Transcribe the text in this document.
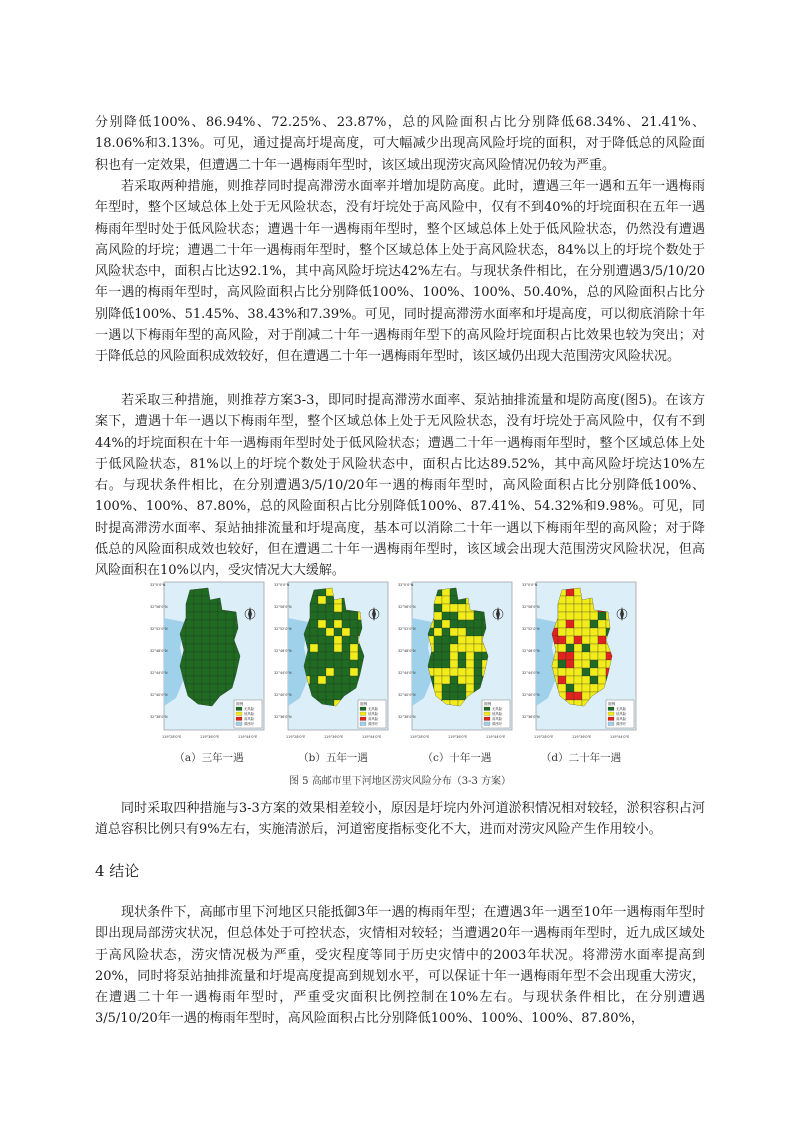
分别降低100%、86.94%、72.25%、23.87%，总的风险面积占比分别降低68.34%、21.41%、18.06%和3.13%。可见，通过提高圩堤高度，可大幅减少出现高风险圩垸的面积，对于降低总的风险面积也有一定效果，但遭遇二十年一遇梅雨年型时，该区域出现涝灾高风险情况仍较为严重。

若采取两种措施，则推荐同时提高滞涝水面率并增加堤防高度。此时，遭遇三年一遇和五年一遇梅雨年型时，整个区域总体上处于无风险状态，没有圩垸处于高风险中，仅有不到40%的圩垸面积在五年一遇梅雨年型时处于低风险状态；遭遇十年一遇梅雨年型时，整个区域总体上处于低风险状态，仍然没有遭遇高风险的圩垸；遭遇二十年一遇梅雨年型时，整个区域总体上处于高风险状态，84%以上的圩垸个数处于风险状态中，面积占比达92.1%，其中高风险圩垸达42%左右。与现状条件相比，在分别遭遇3/5/10/20年一遇的梅雨年型时，高风险面积占比分别降低100%、100%、100%、50.40%，总的风险面积占比分别降低100%、51.45%、38.43%和7.39%。可见，同时提高滞涝水面率和圩堤高度，可以彻底消除十年一遇以下梅雨年型的高风险，对于削减二十年一遇梅雨年型下的高风险圩垸面积占比效果也较为突出；对于降低总的风险面积成效较好，但在遭遇二十年一遇梅雨年型时，该区域仍出现大范围涝灾风险状况。

若采取三种措施，则推荐方案3-3，即同时提高滞涝水面率、泵站抽排流量和堤防高度(图5)。在该方案下，遭遇十年一遇以下梅雨年型，整个区域总体上处于无风险状态，没有圩垸处于高风险中，仅有不到44%的圩垸面积在十年一遇梅雨年型时处于低风险状态；遭遇二十年一遇梅雨年型时，整个区域总体上处于低风险状态，81%以上的圩垸个数处于风险状态中，面积占比达89.52%，其中高风险圩垸达10%左右。与现状条件相比，在分别遭遇3/5/10/20年一遇的梅雨年型时，高风险面积占比分别降低100%、100%、100%、87.80%，总的风险面积占比分别降低100%、87.41%、54.32%和9.98%。可见，同时提高滞涝水面率、泵站抽排流量和圩堤高度，基本可以消除二十年一遇以下梅雨年型的高风险；对于降低总的风险面积成效也较好，但在遭遇二十年一遇梅雨年型时，该区域会出现大范围涝灾风险状况，但高风险面积在10%以内，受灾情况大大缓解。

图例
无风险
低风险
高风险
滞涝圩
33°0'0"N
32°56'0"N
32°52'0"N
32°48'0"N
32°44'0"N
32°40'0"N
32°36'0"N
119°28'0"E	119°36'0"E	119°44'0"E
（a）三年一遇
图例
无风险
低风险
高风险
滞涝圩
33°0'0"N
32°56'0"N
32°52'0"N
32°48'0"N
32°44'0"N
32°40'0"N
32°36'0"N
119°28'0"E	119°36'0"E	119°44'0"E
（b）五年一遇
图例
无风险
低风险
高风险
滞涝圩
33°0'0"N
32°56'0"N
32°52'0"N
32°48'0"N
32°44'0"N
32°40'0"N
32°36'0"N
119°28'0"E	119°36'0"E	119°44'0"E
（c）十年一遇
图例
无风险
低风险
高风险
滞涝圩
33°0'0"N
32°56'0"N
32°52'0"N
32°48'0"N
32°44'0"N
32°40'0"N
32°36'0"N
119°28'0"E	119°36'0"E	119°44'0"E
（d）二十年一遇
图 5 高邮市里下河地区涝灾风险分布（3-3 方案）

同时采取四种措施与3-3方案的效果相差较小，原因是圩垸内外河道淤积情况相对较轻，淤积容积占河道总容积比例只有9%左右，实施清淤后，河道密度指标变化不大，进而对涝灾风险产生作用较小。

4 结论

现状条件下，高邮市里下河地区只能抵御3年一遇的梅雨年型；在遭遇3年一遇至10年一遇梅雨年型时即出现局部涝灾状况，但总体处于可控状态，灾情相对较轻；当遭遇20年一遇梅雨年型时，近九成区域处于高风险状态，涝灾情况极为严重，受灾程度等同于历史灾情中的2003年状况。将滞涝水面率提高到20%，同时将泵站抽排流量和圩堤高度提高到规划水平，可以保证十年一遇梅雨年型不会出现重大涝灾，在遭遇二十年一遇梅雨年型时，严重受灾面积比例控制在10%左右。与现状条件相比，在分别遭遇3/5/10/20年一遇的梅雨年型时，高风险面积占比分别降低100%、100%、100%、87.80%，
